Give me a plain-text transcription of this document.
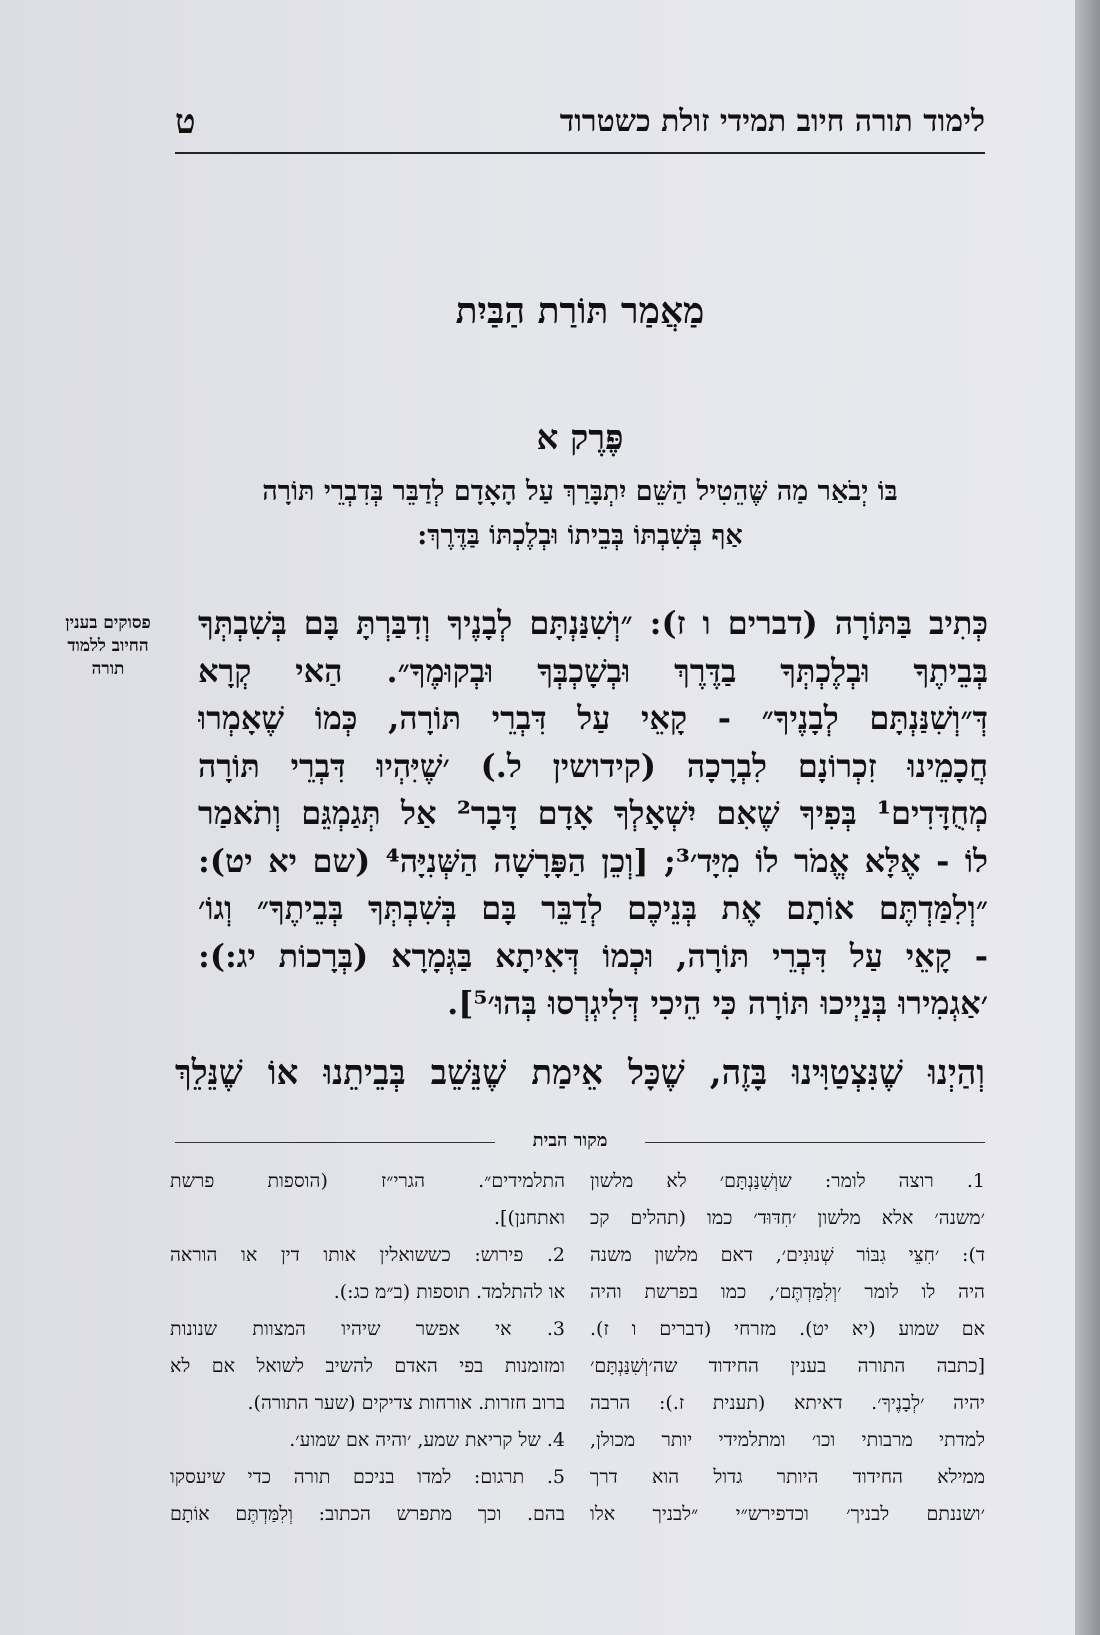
לימוד תורה חיוב תמידי זולת כשטרוד
ט
מַאֲמַר תּוֹרַת הַבַּיִת
פֶּרֶק א
בּוֹ יְבֹאַר מַה שֶּׁהֵטִיל הַשֵּׁם יִתְבָּרַךְ עַל הָאָדָם לְדַבֵּר בְּדִבְרֵי תּוֹרָה
אַף בְּשִׁבְתּוֹ בְּבֵיתוֹ וּבְלֶכְתּוֹ בַּדֶּרֶךְ:
פסוקים בענין
החיוב ללמוד
תורה
כְּתִיב בַּתּוֹרָה (דברים ו ז): ״וְשִׁנַּנְתָּם לְבָנֶיךָ וְדִבַּרְתָּ בָּם בְּשִׁבְתְּךָ
בְּבֵיתֶךָ וּבְלֶכְתְּךָ בַדֶּרֶךְ וּבְשָׁכְבְּךָ וּבְקוּמֶךָ״. הַאי קְרָא
דְּ״וְשִׁנַּנְתָּם לְבָנֶיךָ״ - קָאֵי עַל דִּבְרֵי תּוֹרָה, כְּמוֹ שֶׁאָמְרוּ
חֲכָמֵינוּ זִכְרוֹנָם לִבְרָכָה (קידושין ל.) ׳שֶׁיִּהְיוּ דִּבְרֵי תּוֹרָה
מְחֻדָּדִים¹ בְּפִיךָ שֶׁאִם יִשְׁאָלְךָ אָדָם דָּבָר² אַל תְּגַמְגֵּם וְתֹאמַר
לוֹ - אֶלָּא אֱמֹר לוֹ מִיָּד׳³; [וְכֵן הַפָּרָשָׁה הַשְּׁנִיָּה⁴ (שם יא יט):
״וְלִמַּדְתֶּם אוֹתָם אֶת בְּנֵיכֶם לְדַבֵּר בָּם בְּשִׁבְתְּךָ בְּבֵיתֶךָ״ וְגוֹ׳
- קָאֵי עַל דִּבְרֵי תּוֹרָה, וּכְמוֹ דְּאִיתָא בַּגְּמָרָא (בְּרָכוֹת יג:):
׳אַגְמִירוּ בְּנַיְיכוּ תּוֹרָה כִּי הֵיכִי דְּלִיגְרְסוּ בְּהוּ׳⁵].
וְהַיְנוּ שֶׁנִּצְטַוִּינוּ בָּזֶה, שֶׁכָּל אֵימַת שֶׁנֵּשֵׁב בְּבֵיתֵנוּ אוֹ שֶׁנֵּלֵךְ
מקור הבית
1. רוצה לומר: שוְשִׁנַּנְתָּם׳ לא מלשון
׳משנה׳ אלא מלשון ׳חִדּוּד׳ כמו (תהלים קכ
ד): ׳חִצֵּי גִבּוֹר שְׁנוּנִים׳, דאם מלשון משנה
היה לו לומר ׳וְלִמַּדְתֶּם׳, כמו בפרשת והיה
אם שמוע (יא יט). מזרחי (דברים ו ז).
[כתבה התורה בענין החידוד שה׳וְשִׁנַּנְתָּם׳
יהיה ׳לְבָנֶיךָ׳. דאיתא (תענית ז.): הרבה
למדתי מרבותי וכו׳ ומתלמידי יותר מכולן,
ממילא החידוד היותר גדול הוא דרך
׳ושננתם לבניך׳ וכדפירש״י ״לבניך אלו
התלמידים״. הגרי״ז (הוספות פרשת
ואתחנן)].
2. פירוש: כששואלין אותו דין או הוראה
או להתלמד. תוספות (ב״מ כג:).
3. אי אפשר שיהיו המצוות שנונות
ומזומנות בפי האדם להשיב לשואל אם לא
ברוב חזרות. אורחות צדיקים (שער התורה).
4. של קריאת שמע, ׳והיה אם שמוע׳.
5. תרגום: למדו בניכם תורה כדי שיעסקו
בהם. וכך מתפרש הכתוב: וְלִמַּדְתֶּם אוֹתָם
